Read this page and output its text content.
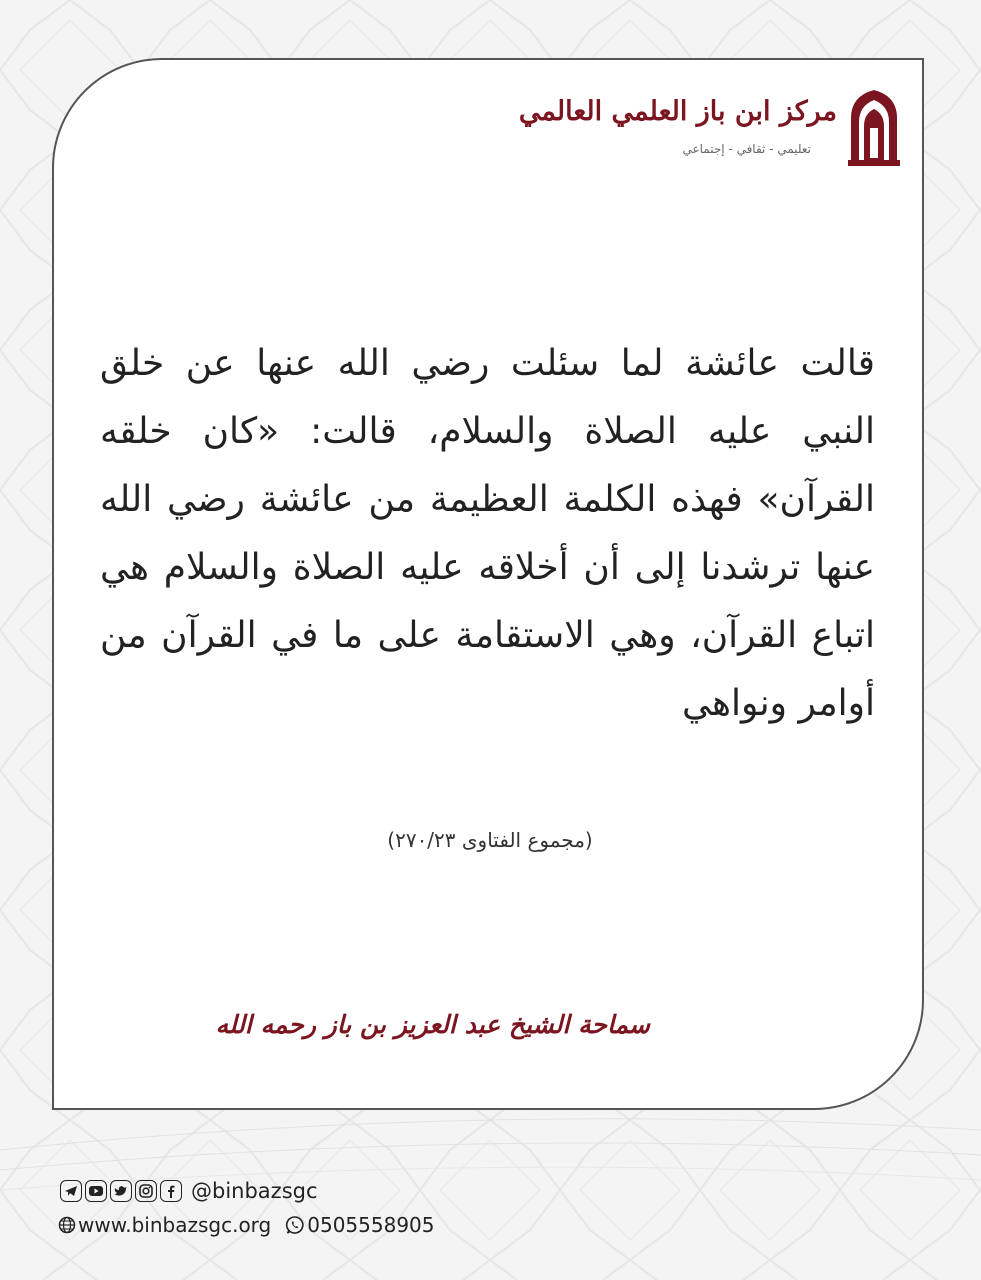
مركز ابن باز العلمي العالمي
تعليمي - ثقافي - إجتماعي
قالت عائشة لما سئلت رضي الله عنها عن خلق النبي عليه الصلاة والسلام، قالت: «كان خلقه القرآن» فهذه الكلمة العظيمة من عائشة رضي الله عنها ترشدنا إلى أن أخلاقه عليه الصلاة والسلام هي اتباع القرآن، وهي الاستقامة على ما في القرآن من أوامر ونواهي
(مجموع الفتاوى ٢٧٠/٢٣)
سماحة الشيخ عبد العزيز بن باز رحمه الله
@binbazsgc
www.binbazsgc.org 0505558905
